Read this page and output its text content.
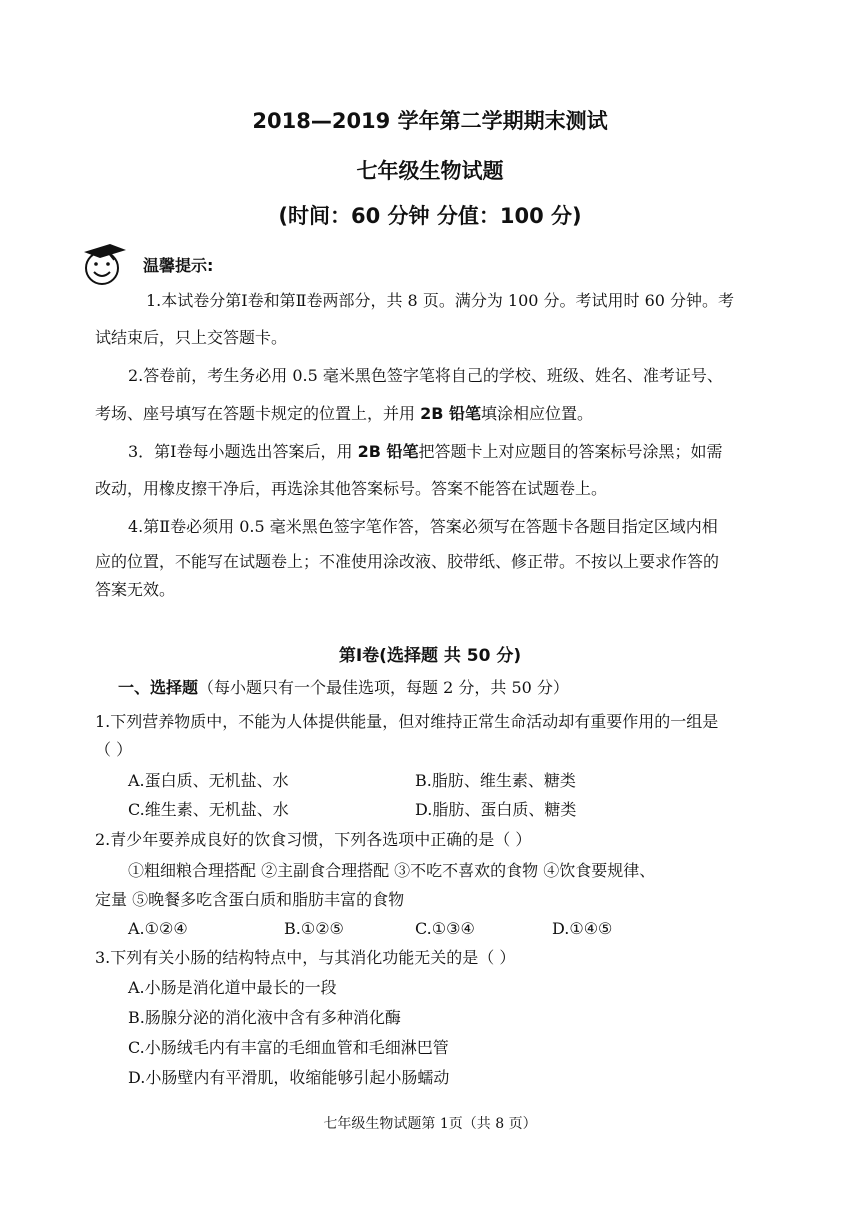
2018—2019 学年第二学期期末测试
七年级生物试题
(时间：60 分钟 分值：100 分)
温馨提示:
1.本试卷分第Ⅰ卷和第Ⅱ卷两部分，共 8 页。满分为 100 分。考试用时 60 分钟。考
试结束后，只上交答题卡。
2.答卷前，考生务必用 0.5 毫米黑色签字笔将自己的学校、班级、姓名、准考证号、
考场、座号填写在答题卡规定的位置上，并用 2B 铅笔填涂相应位置。
3．第Ⅰ卷每小题选出答案后，用 2B 铅笔把答题卡上对应题目的答案标号涂黑；如需
改动，用橡皮擦干净后，再选涂其他答案标号。答案不能答在试题卷上。
4.第Ⅱ卷必须用 0.5 毫米黑色签字笔作答，答案必须写在答题卡各题目指定区域内相
应的位置，不能写在试题卷上；不准使用涂改液、胶带纸、修正带。不按以上要求作答的
答案无效。
第Ⅰ卷(选择题 共 50 分)
一、选择题（每小题只有一个最佳选项，每题 2 分，共 50 分）
1.下列营养物质中，不能为人体提供能量，但对维持正常生命活动却有重要作用的一组是
（ ）
A.蛋白质、无机盐、水	B.脂肪、维生素、糖类
C.维生素、无机盐、水	D.脂肪、蛋白质、糖类
2.青少年要养成良好的饮食习惯，下列各选项中正确的是（ ）
①粗细粮合理搭配 ②主副食合理搭配 ③不吃不喜欢的食物 ④饮食要规律、
定量 ⑤晚餐多吃含蛋白质和脂肪丰富的食物
A.①②④	B.①②⑤	C.①③④	D.①④⑤
3.下列有关小肠的结构特点中，与其消化功能无关的是（ ）
A.小肠是消化道中最长的一段
B.肠腺分泌的消化液中含有多种消化酶
C.小肠绒毛内有丰富的毛细血管和毛细淋巴管
D.小肠壁内有平滑肌，收缩能够引起小肠蠕动
七年级生物试题第 1页（共 8 页）
